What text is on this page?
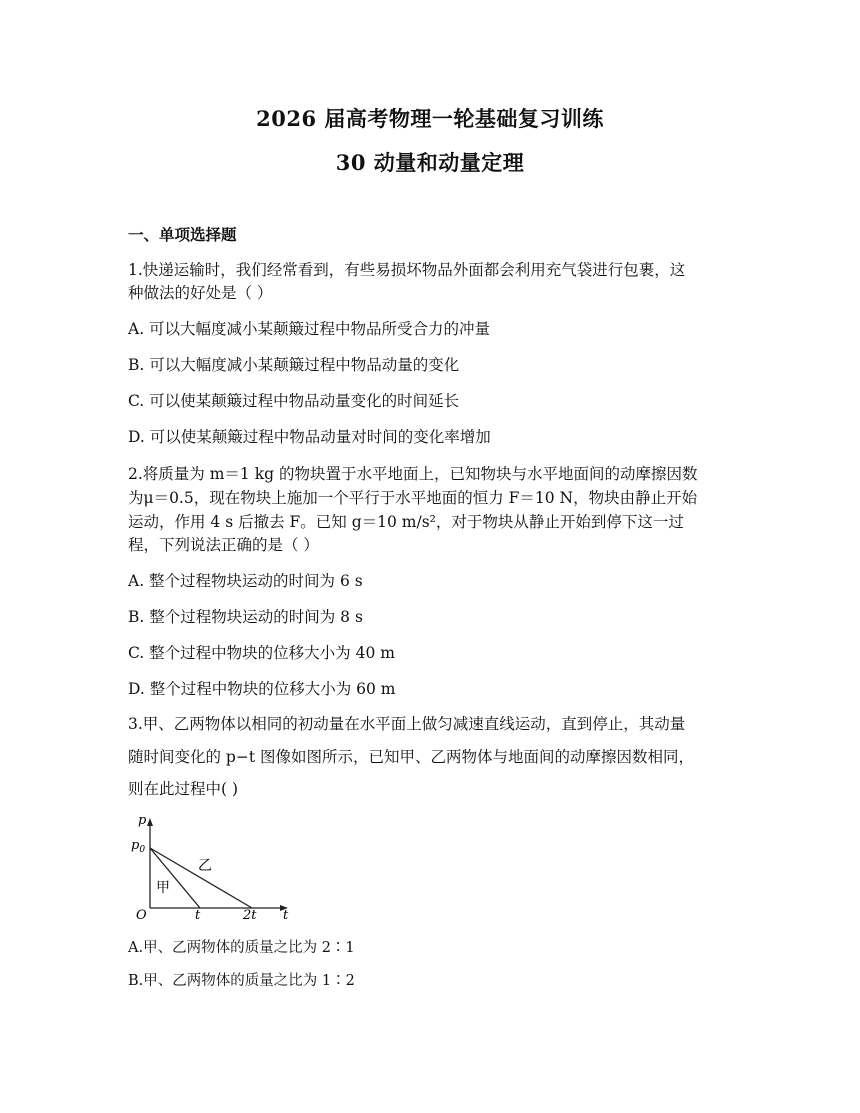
2026 届高考物理一轮基础复习训练
30 动量和动量定理
一、单项选择题
1.快递运输时，我们经常看到，有些易损坏物品外面都会利用充气袋进行包裹，这
种做法的好处是（ ）
A. 可以大幅度减小某颠簸过程中物品所受合力的冲量
B. 可以大幅度减小某颠簸过程中物品动量的变化
C. 可以使某颠簸过程中物品动量变化的时间延长
D. 可以使某颠簸过程中物品动量对时间的变化率增加
2.将质量为 m＝1 kg 的物块置于水平地面上，已知物块与水平地面间的动摩擦因数
为μ＝0.5，现在物块上施加一个平行于水平地面的恒力 F＝10 N，物块由静止开始
运动，作用 4 s 后撤去 F。已知 g＝10 m/s²，对于物块从静止开始到停下这一过
程，下列说法正确的是（ ）
A. 整个过程物块运动的时间为 6 s
B. 整个过程物块运动的时间为 8 s
C. 整个过程中物块的位移大小为 40 m
D. 整个过程中物块的位移大小为 60 m
3.甲、乙两物体以相同的初动量在水平面上做匀减速直线运动，直到停止，其动量
随时间变化的 p−t 图像如图所示，已知甲、乙两物体与地面间的动摩擦因数相同，
则在此过程中( )
p
$p_0$
O	t	2t t
甲
乙
A.甲、乙两物体的质量之比为 2∶1
B.甲、乙两物体的质量之比为 1∶2
